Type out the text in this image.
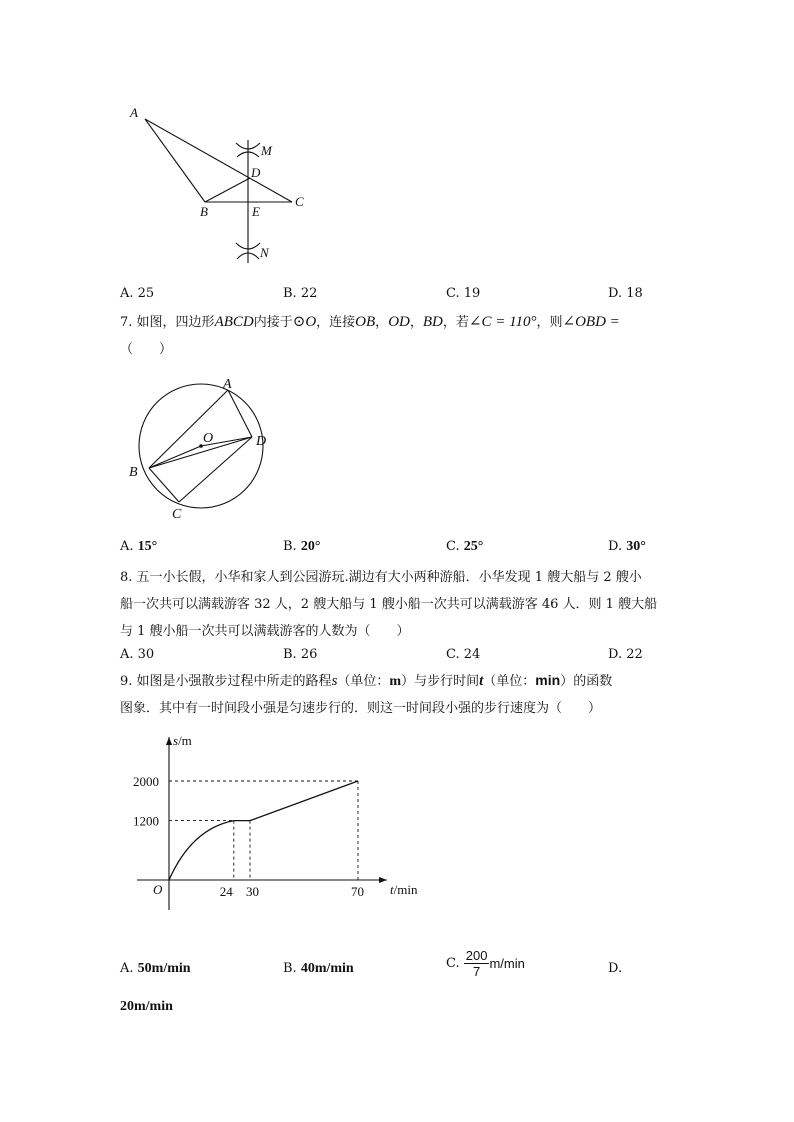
A
M
D
C
B	E
N
A. 25	B. 22	C. 19	D. 18
7. 如图，四边形ABCD内接于⊙O，连接OB，OD，BD，若∠C = 110°，则∠OBD =
（　　）
A
O
B
D
C
A. 15°	B. 20°	C. 25°	D. 30°
8. 五一小长假，小华和家人到公园游玩.湖边有大小两种游船．小华发现 1 艘大船与 2 艘小
船一次共可以满载游客 32 人，2 艘大船与 1 艘小船一次共可以满载游客 46 人．则 1 艘大船
与 1 艘小船一次共可以满载游客的人数为（　　）
A. 30	B. 26	C. 24	D. 22
9. 如图是小强散步过程中所走的路程s（单位：m）与步行时间t（单位：min）的函数
图象．其中有一时间段小强是匀速步行的．则这一时间段小强的步行速度为（　　）
2000
1200
O	24 30	70 t/min
s/m
A. 50m/min	B. 40m/min	C. $\frac{200}{7} m/\min$	D.
20m/min
